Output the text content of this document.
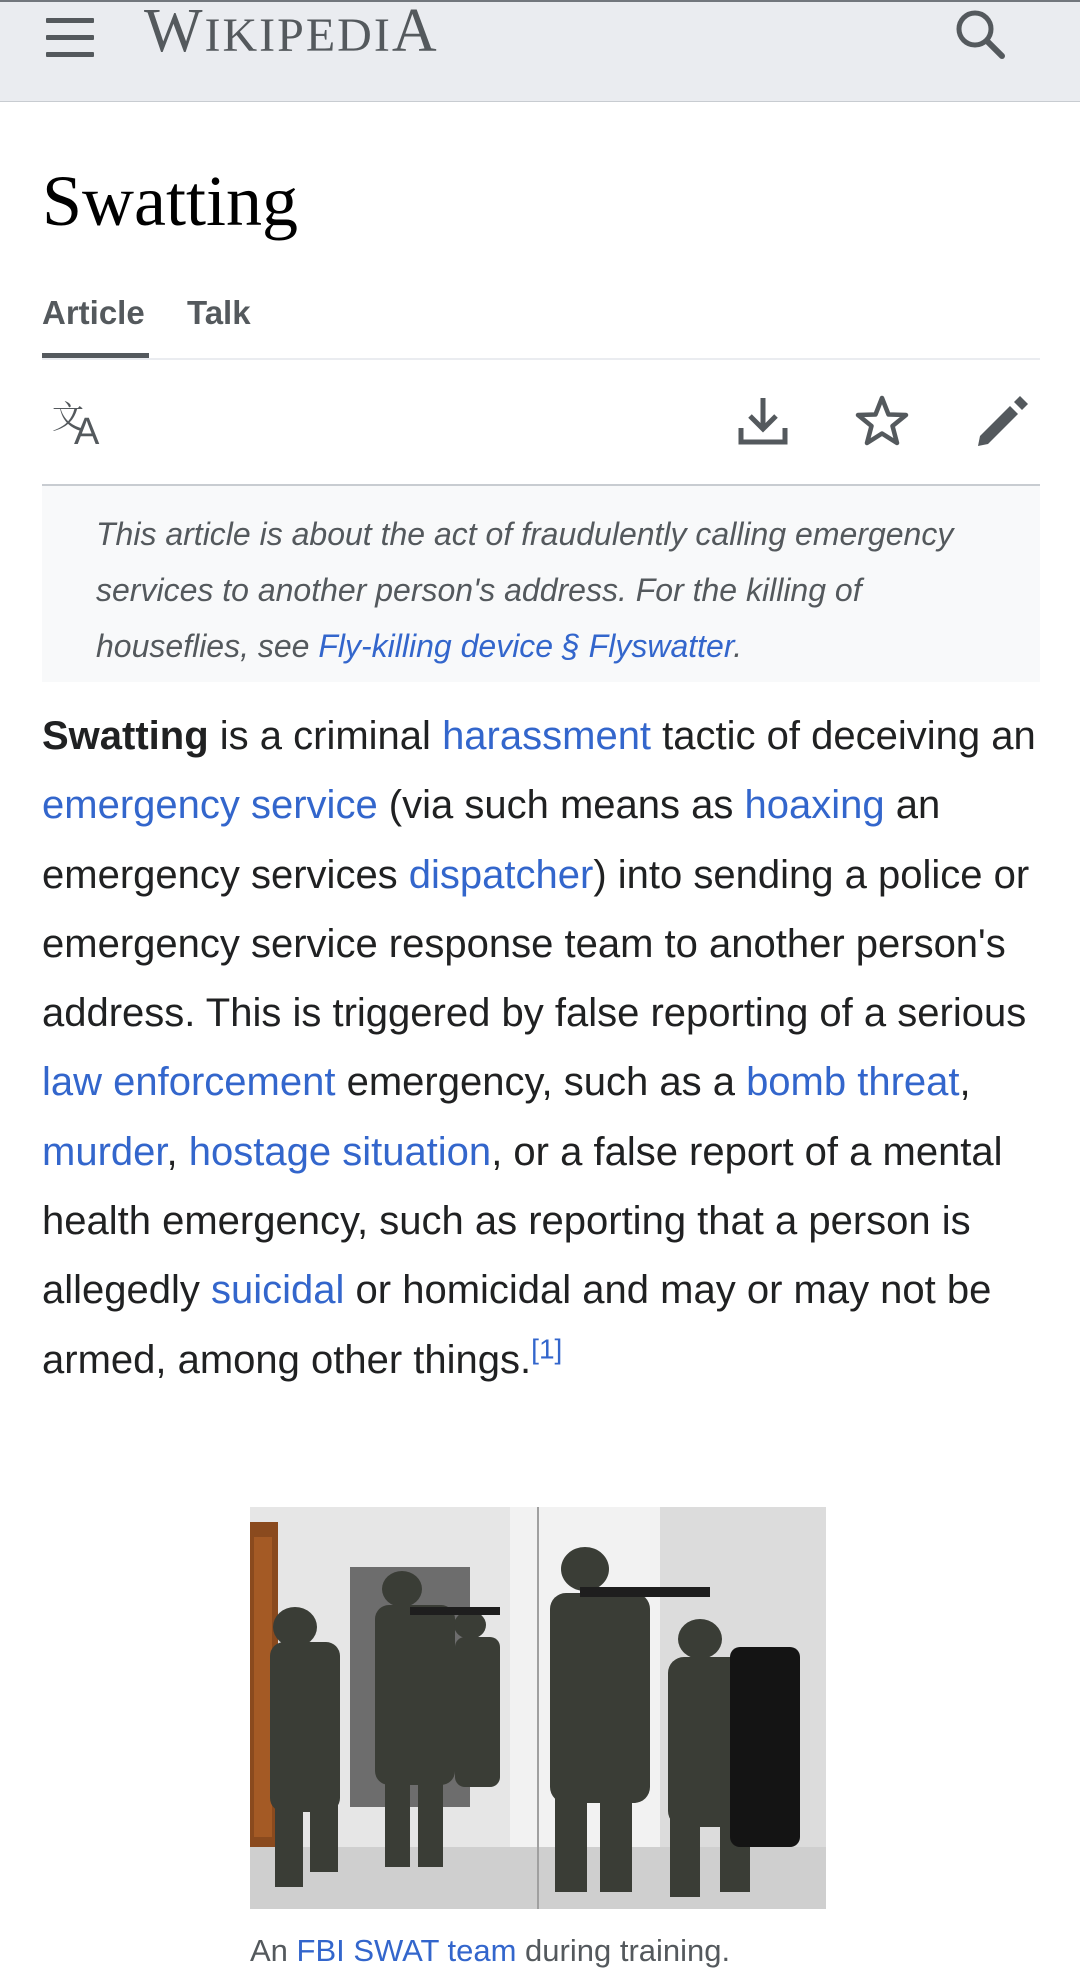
WIKIPEDIA
Swatting
Article Talk
文
A
This article is about the act of fraudulently calling emergency services to another person's address. For the killing of houseflies, see Fly-killing device § Flyswatter.

Swatting is a criminal harassment tactic of deceiving an emergency service (via such means as hoaxing an emergency services dispatcher) into sending a police or emergency service response team to another person's address. This is triggered by false reporting of a serious law enforcement emergency, such as a bomb threat, murder, hostage situation, or a false report of a mental health emergency, such as reporting that a person is allegedly suicidal or homicidal and may or may not be armed, among other things.[1]

An FBI SWAT team during training.
